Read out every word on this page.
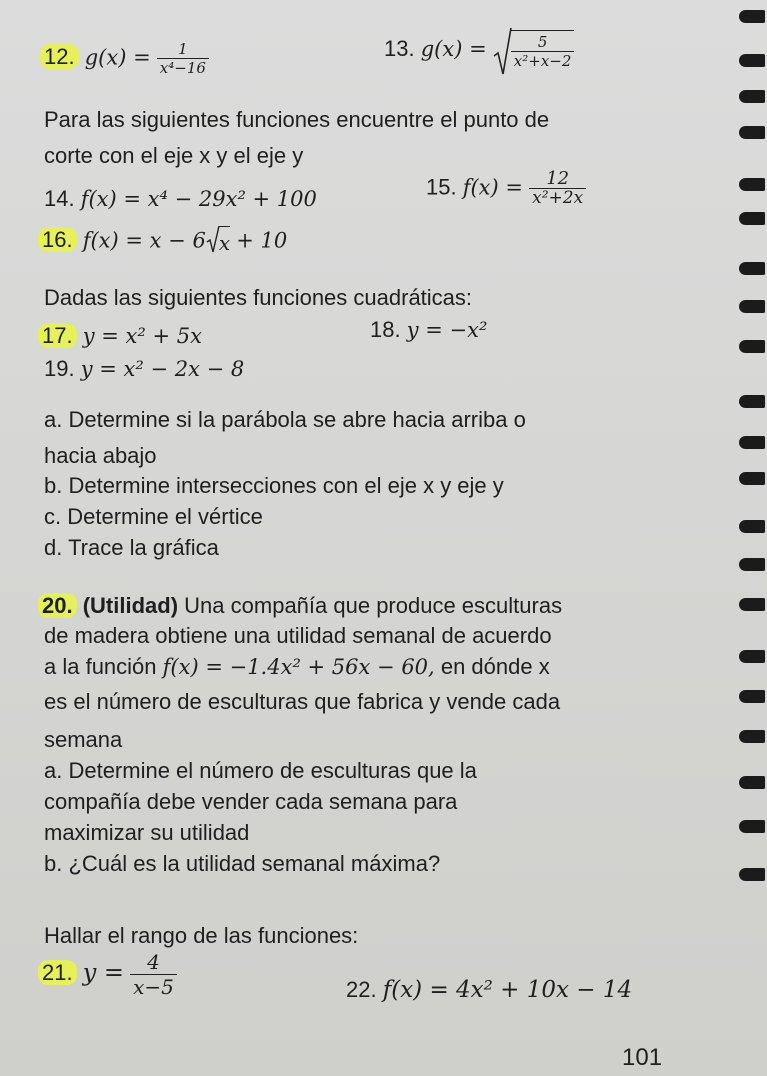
12. $g(x) = \frac{1}{\text{x⁴−16}}$	13. $g(x) = \frac{5}{\text{x²+x−2}}$
Para las siguientes funciones encuentre el punto de
corte con el eje x y el eje y
14. f(x) = x⁴ − 29x² + 100	15. $f(x) = \frac{12}{\text{x²+2x}}$
16. f(x) = x − 6 x + 10
Dadas las siguientes funciones cuadráticas:
17. y = x² + 5x	18. y = −x²
19. y = x² − 2x − 8
a. Determine si la parábola se abre hacia arriba o
hacia abajo
b. Determine intersecciones con el eje x y eje y
c. Determine el vértice
d. Trace la gráfica
20. (Utilidad) Una compañía que produce esculturas
de madera obtiene una utilidad semanal de acuerdo
a la función f(x) = −1.4x² + 56x − 60, en dónde x
es el número de esculturas que fabrica y vende cada
semana
a. Determine el número de esculturas que la
compañía debe vender cada semana para
maximizar su utilidad
b. ¿Cuál es la utilidad semanal máxima?
Hallar el rango de las funciones:
21. $y = \frac{4}{x-5}$	22. f(x) = 4x² + 10x − 14
101
